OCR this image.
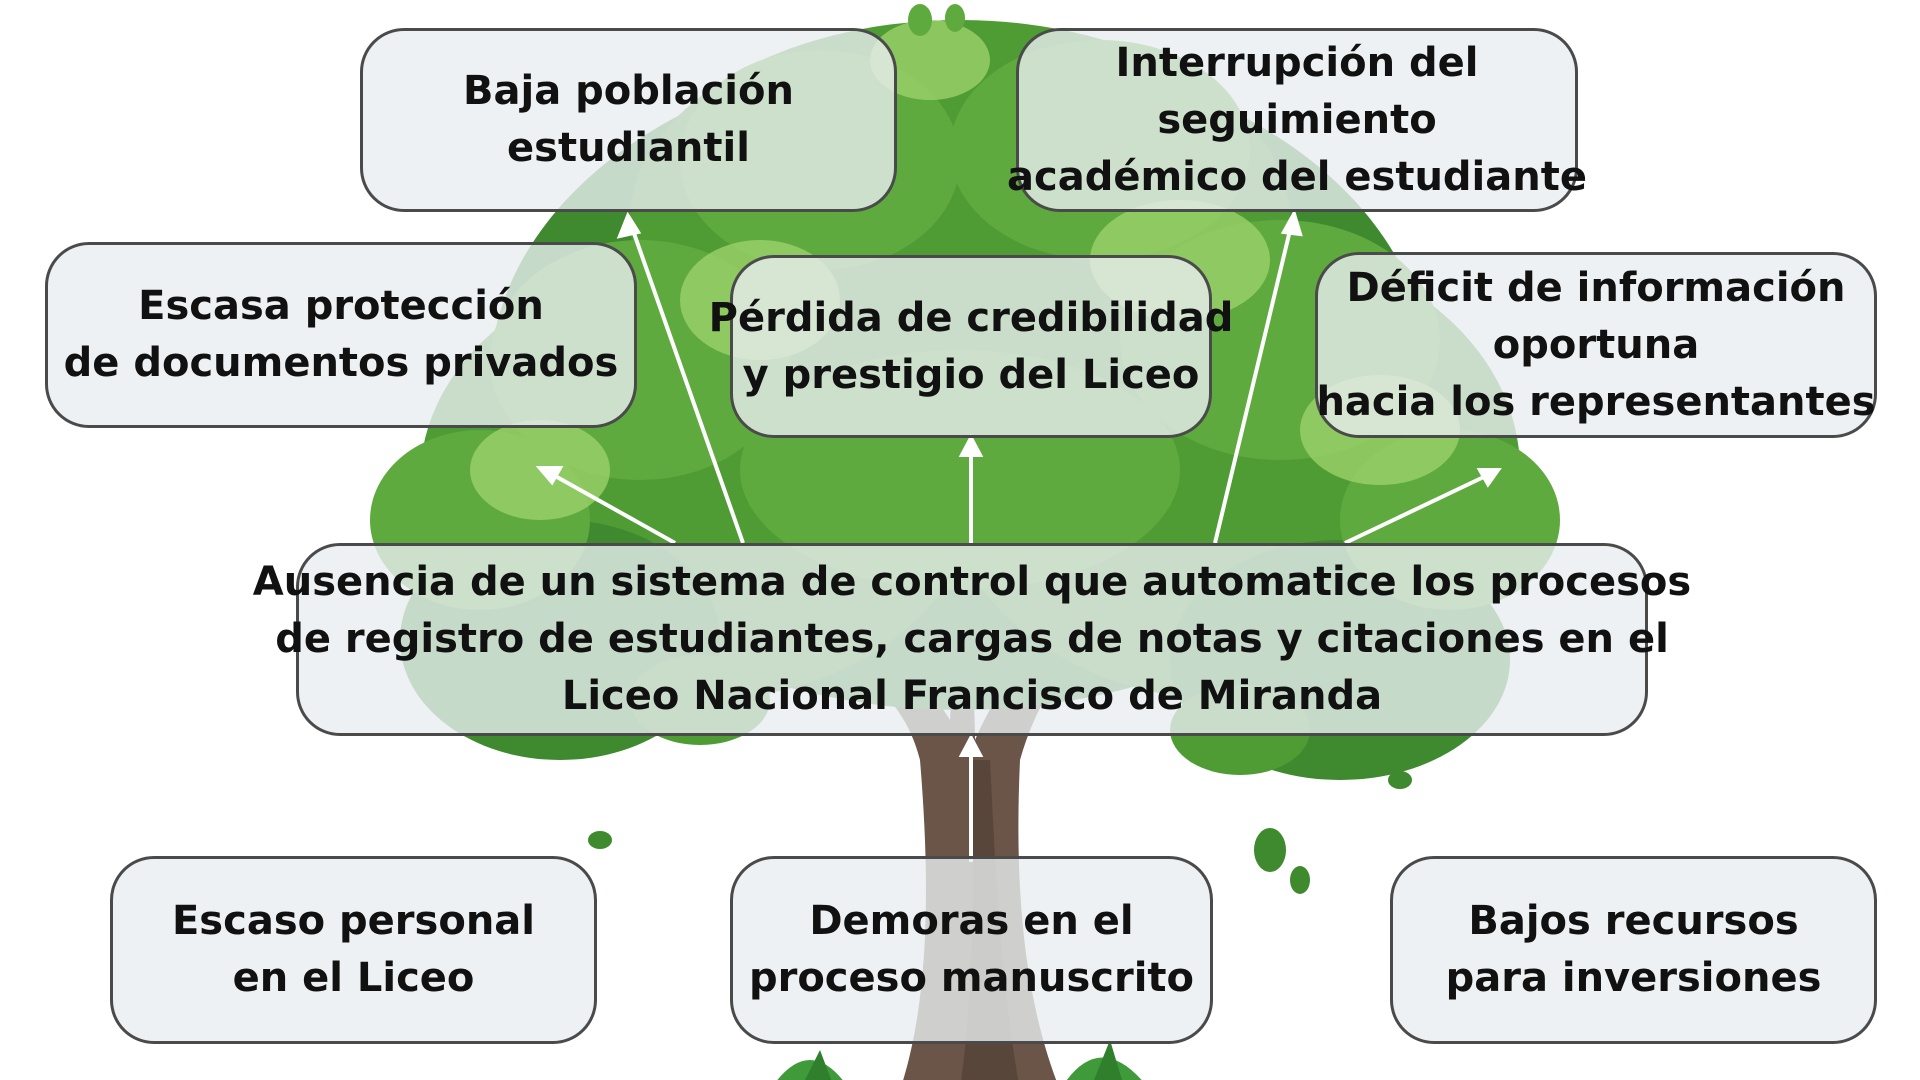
Baja población
estudiantil
Interrupción del
seguimiento
académico del estudiante
Escasa protección
de documentos privados
Pérdida de credibilidad
y prestigio del Liceo
Déficit de información
oportuna
hacia los representantes
Ausencia de un sistema de control que automatice los procesos
de registro de estudiantes, cargas de notas y citaciones en el
Liceo Nacional Francisco de Miranda
Escaso personal
en el Liceo
Demoras en el
proceso manuscrito
Bajos recursos
para inversiones
